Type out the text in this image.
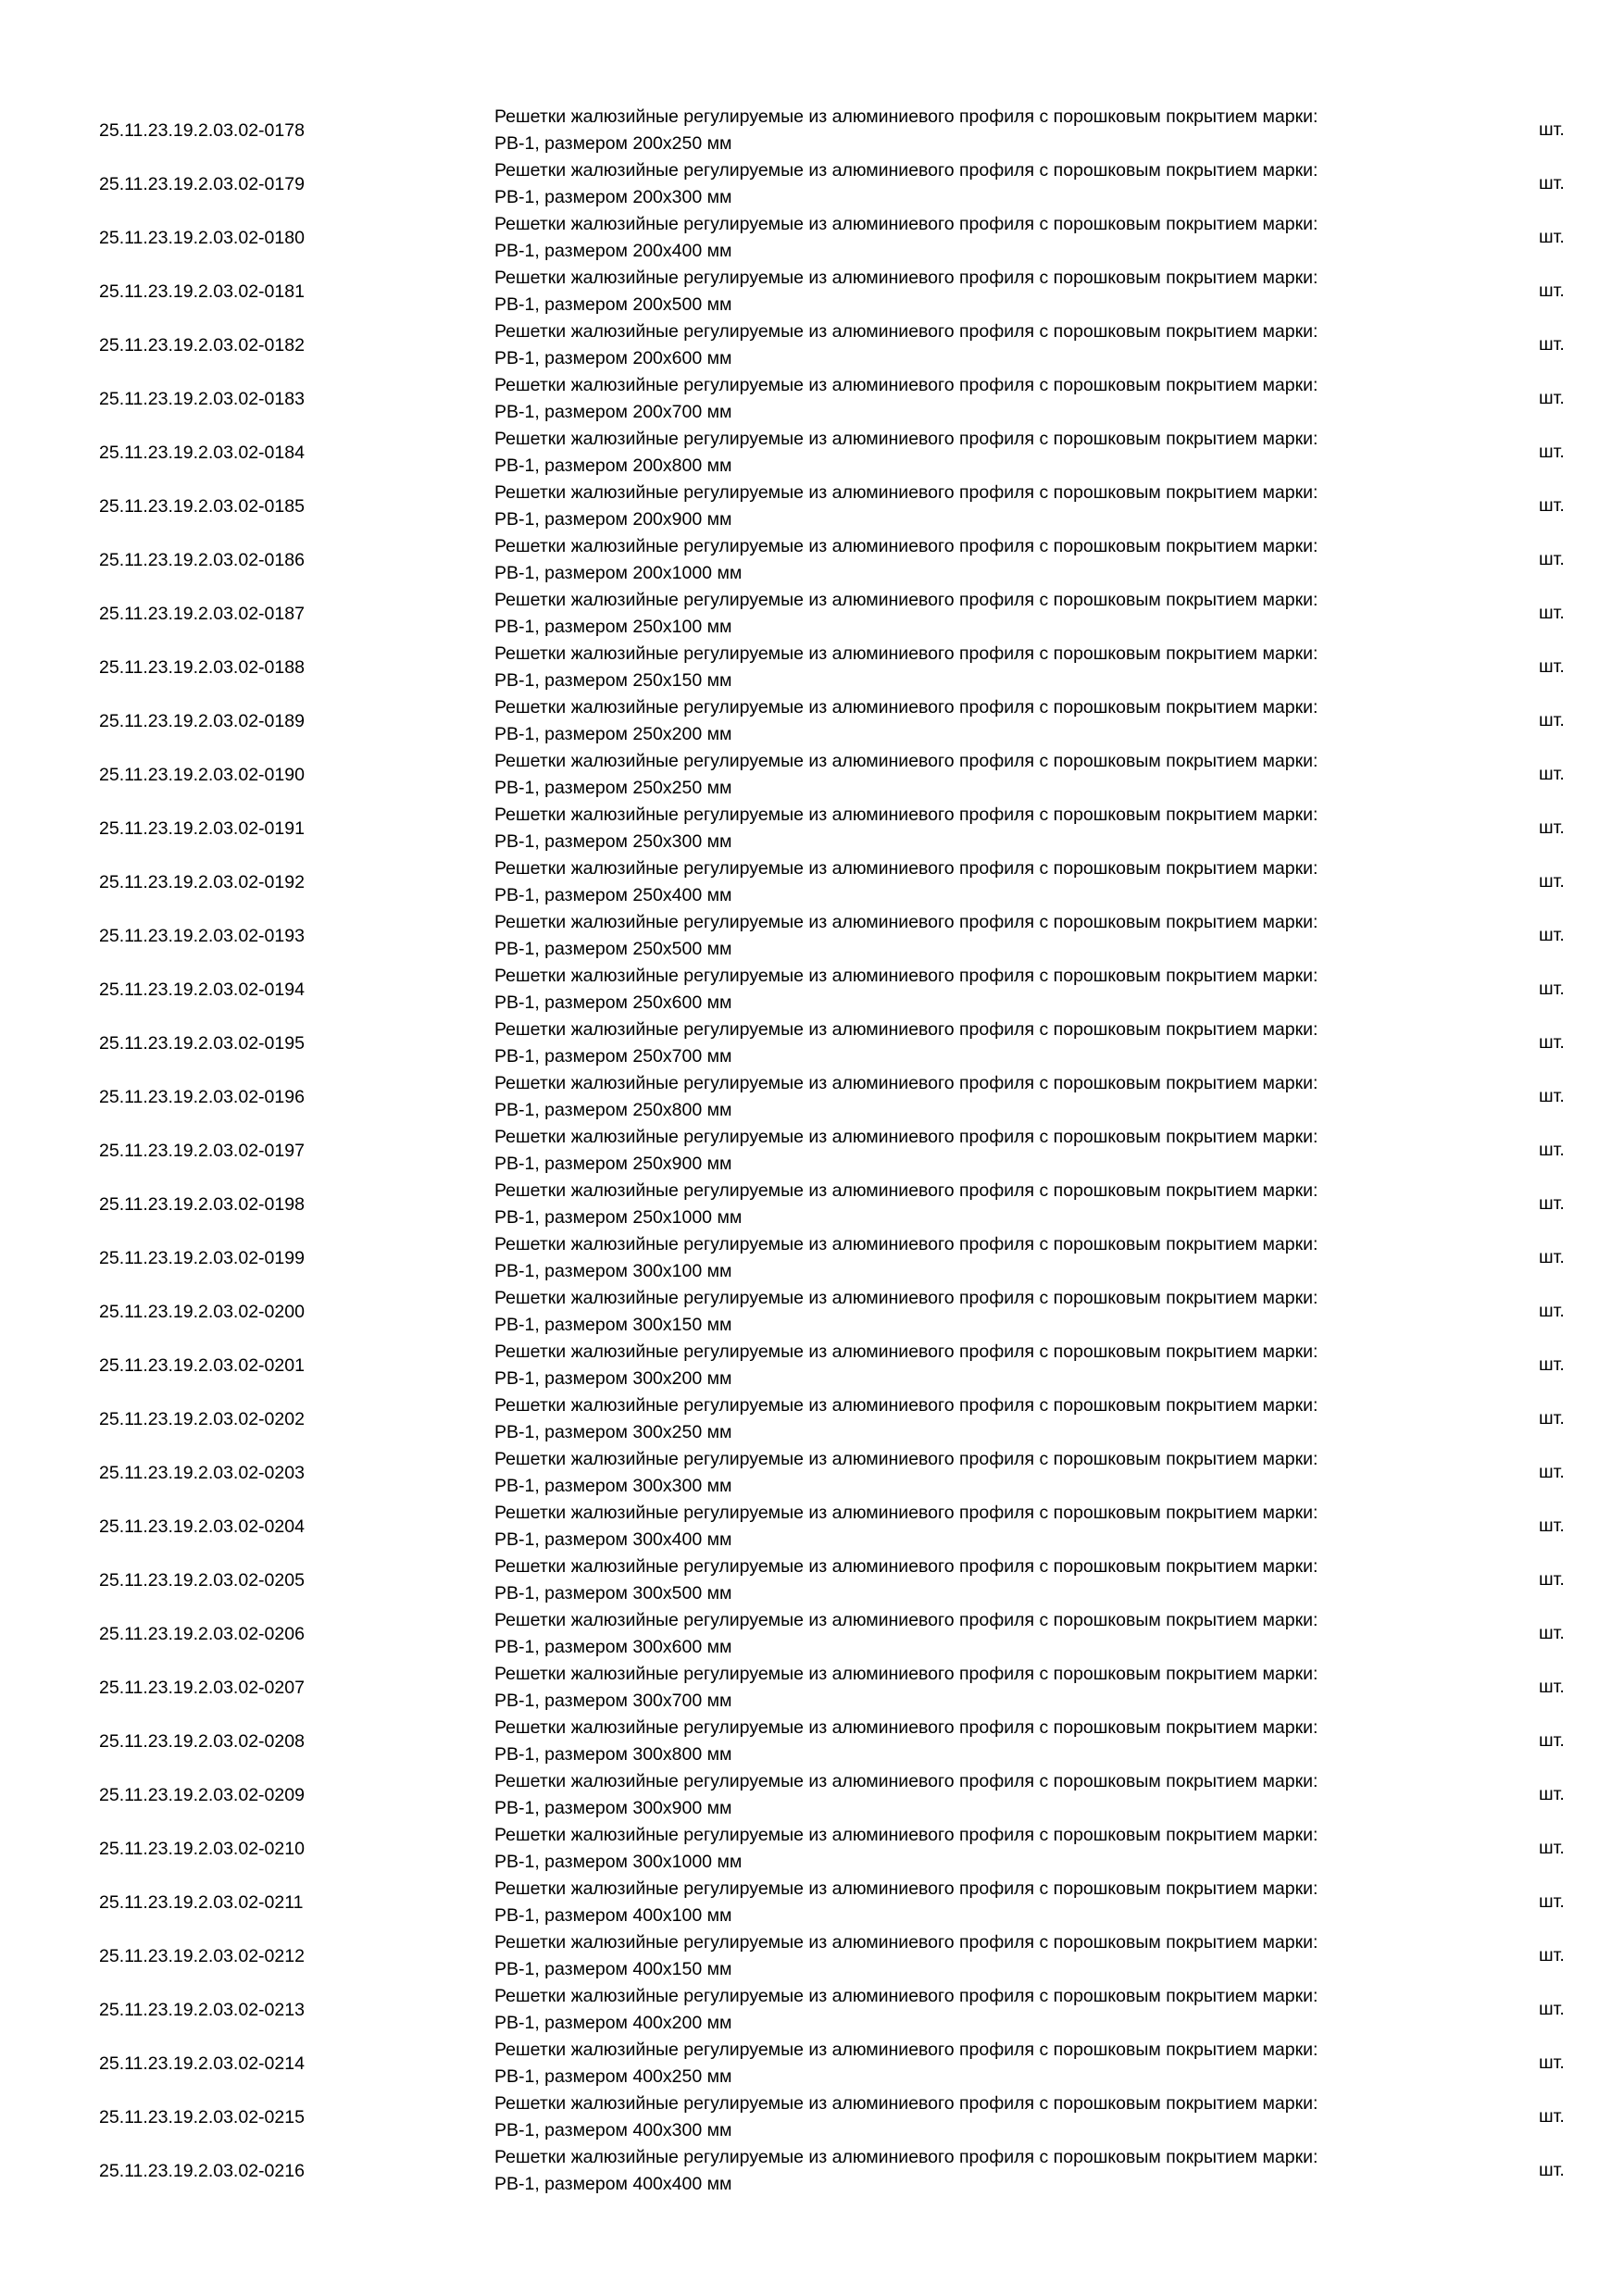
25.11.23.19.2.03.02-0178
Решетки жалюзийные регулируемые из алюминиевого профиля с порошковым покрытием марки:
РВ-1, размером 200х250 мм
шт.
25.11.23.19.2.03.02-0179
Решетки жалюзийные регулируемые из алюминиевого профиля с порошковым покрытием марки:
РВ-1, размером 200х300 мм
шт.
25.11.23.19.2.03.02-0180
Решетки жалюзийные регулируемые из алюминиевого профиля с порошковым покрытием марки:
РВ-1, размером 200х400 мм
шт.
25.11.23.19.2.03.02-0181
Решетки жалюзийные регулируемые из алюминиевого профиля с порошковым покрытием марки:
РВ-1, размером 200х500 мм
шт.
25.11.23.19.2.03.02-0182
Решетки жалюзийные регулируемые из алюминиевого профиля с порошковым покрытием марки:
РВ-1, размером 200х600 мм
шт.
25.11.23.19.2.03.02-0183
Решетки жалюзийные регулируемые из алюминиевого профиля с порошковым покрытием марки:
РВ-1, размером 200х700 мм
шт.
25.11.23.19.2.03.02-0184
Решетки жалюзийные регулируемые из алюминиевого профиля с порошковым покрытием марки:
РВ-1, размером 200х800 мм
шт.
25.11.23.19.2.03.02-0185
Решетки жалюзийные регулируемые из алюминиевого профиля с порошковым покрытием марки:
РВ-1, размером 200х900 мм
шт.
25.11.23.19.2.03.02-0186
Решетки жалюзийные регулируемые из алюминиевого профиля с порошковым покрытием марки:
РВ-1, размером 200х1000 мм
шт.
25.11.23.19.2.03.02-0187
Решетки жалюзийные регулируемые из алюминиевого профиля с порошковым покрытием марки:
РВ-1, размером 250х100 мм
шт.
25.11.23.19.2.03.02-0188
Решетки жалюзийные регулируемые из алюминиевого профиля с порошковым покрытием марки:
РВ-1, размером 250х150 мм
шт.
25.11.23.19.2.03.02-0189
Решетки жалюзийные регулируемые из алюминиевого профиля с порошковым покрытием марки:
РВ-1, размером 250х200 мм
шт.
25.11.23.19.2.03.02-0190
Решетки жалюзийные регулируемые из алюминиевого профиля с порошковым покрытием марки:
РВ-1, размером 250х250 мм
шт.
25.11.23.19.2.03.02-0191
Решетки жалюзийные регулируемые из алюминиевого профиля с порошковым покрытием марки:
РВ-1, размером 250х300 мм
шт.
25.11.23.19.2.03.02-0192
Решетки жалюзийные регулируемые из алюминиевого профиля с порошковым покрытием марки:
РВ-1, размером 250х400 мм
шт.
25.11.23.19.2.03.02-0193
Решетки жалюзийные регулируемые из алюминиевого профиля с порошковым покрытием марки:
РВ-1, размером 250х500 мм
шт.
25.11.23.19.2.03.02-0194
Решетки жалюзийные регулируемые из алюминиевого профиля с порошковым покрытием марки:
РВ-1, размером 250х600 мм
шт.
25.11.23.19.2.03.02-0195
Решетки жалюзийные регулируемые из алюминиевого профиля с порошковым покрытием марки:
РВ-1, размером 250х700 мм
шт.
25.11.23.19.2.03.02-0196
Решетки жалюзийные регулируемые из алюминиевого профиля с порошковым покрытием марки:
РВ-1, размером 250х800 мм
шт.
25.11.23.19.2.03.02-0197
Решетки жалюзийные регулируемые из алюминиевого профиля с порошковым покрытием марки:
РВ-1, размером 250х900 мм
шт.
25.11.23.19.2.03.02-0198
Решетки жалюзийные регулируемые из алюминиевого профиля с порошковым покрытием марки:
РВ-1, размером 250х1000 мм
шт.
25.11.23.19.2.03.02-0199
Решетки жалюзийные регулируемые из алюминиевого профиля с порошковым покрытием марки:
РВ-1, размером 300х100 мм
шт.
25.11.23.19.2.03.02-0200
Решетки жалюзийные регулируемые из алюминиевого профиля с порошковым покрытием марки:
РВ-1, размером 300х150 мм
шт.
25.11.23.19.2.03.02-0201
Решетки жалюзийные регулируемые из алюминиевого профиля с порошковым покрытием марки:
РВ-1, размером 300х200 мм
шт.
25.11.23.19.2.03.02-0202
Решетки жалюзийные регулируемые из алюминиевого профиля с порошковым покрытием марки:
РВ-1, размером 300х250 мм
шт.
25.11.23.19.2.03.02-0203
Решетки жалюзийные регулируемые из алюминиевого профиля с порошковым покрытием марки:
РВ-1, размером 300х300 мм
шт.
25.11.23.19.2.03.02-0204
Решетки жалюзийные регулируемые из алюминиевого профиля с порошковым покрытием марки:
РВ-1, размером 300х400 мм
шт.
25.11.23.19.2.03.02-0205
Решетки жалюзийные регулируемые из алюминиевого профиля с порошковым покрытием марки:
РВ-1, размером 300х500 мм
шт.
25.11.23.19.2.03.02-0206
Решетки жалюзийные регулируемые из алюминиевого профиля с порошковым покрытием марки:
РВ-1, размером 300х600 мм
шт.
25.11.23.19.2.03.02-0207
Решетки жалюзийные регулируемые из алюминиевого профиля с порошковым покрытием марки:
РВ-1, размером 300х700 мм
шт.
25.11.23.19.2.03.02-0208
Решетки жалюзийные регулируемые из алюминиевого профиля с порошковым покрытием марки:
РВ-1, размером 300х800 мм
шт.
25.11.23.19.2.03.02-0209
Решетки жалюзийные регулируемые из алюминиевого профиля с порошковым покрытием марки:
РВ-1, размером 300х900 мм
шт.
25.11.23.19.2.03.02-0210
Решетки жалюзийные регулируемые из алюминиевого профиля с порошковым покрытием марки:
РВ-1, размером 300х1000 мм
шт.
25.11.23.19.2.03.02-0211
Решетки жалюзийные регулируемые из алюминиевого профиля с порошковым покрытием марки:
РВ-1, размером 400х100 мм
шт.
25.11.23.19.2.03.02-0212
Решетки жалюзийные регулируемые из алюминиевого профиля с порошковым покрытием марки:
РВ-1, размером 400х150 мм
шт.
25.11.23.19.2.03.02-0213
Решетки жалюзийные регулируемые из алюминиевого профиля с порошковым покрытием марки:
РВ-1, размером 400х200 мм
шт.
25.11.23.19.2.03.02-0214
Решетки жалюзийные регулируемые из алюминиевого профиля с порошковым покрытием марки:
РВ-1, размером 400х250 мм
шт.
25.11.23.19.2.03.02-0215
Решетки жалюзийные регулируемые из алюминиевого профиля с порошковым покрытием марки:
РВ-1, размером 400х300 мм
шт.
25.11.23.19.2.03.02-0216
Решетки жалюзийные регулируемые из алюминиевого профиля с порошковым покрытием марки:
РВ-1, размером 400х400 мм
шт.
